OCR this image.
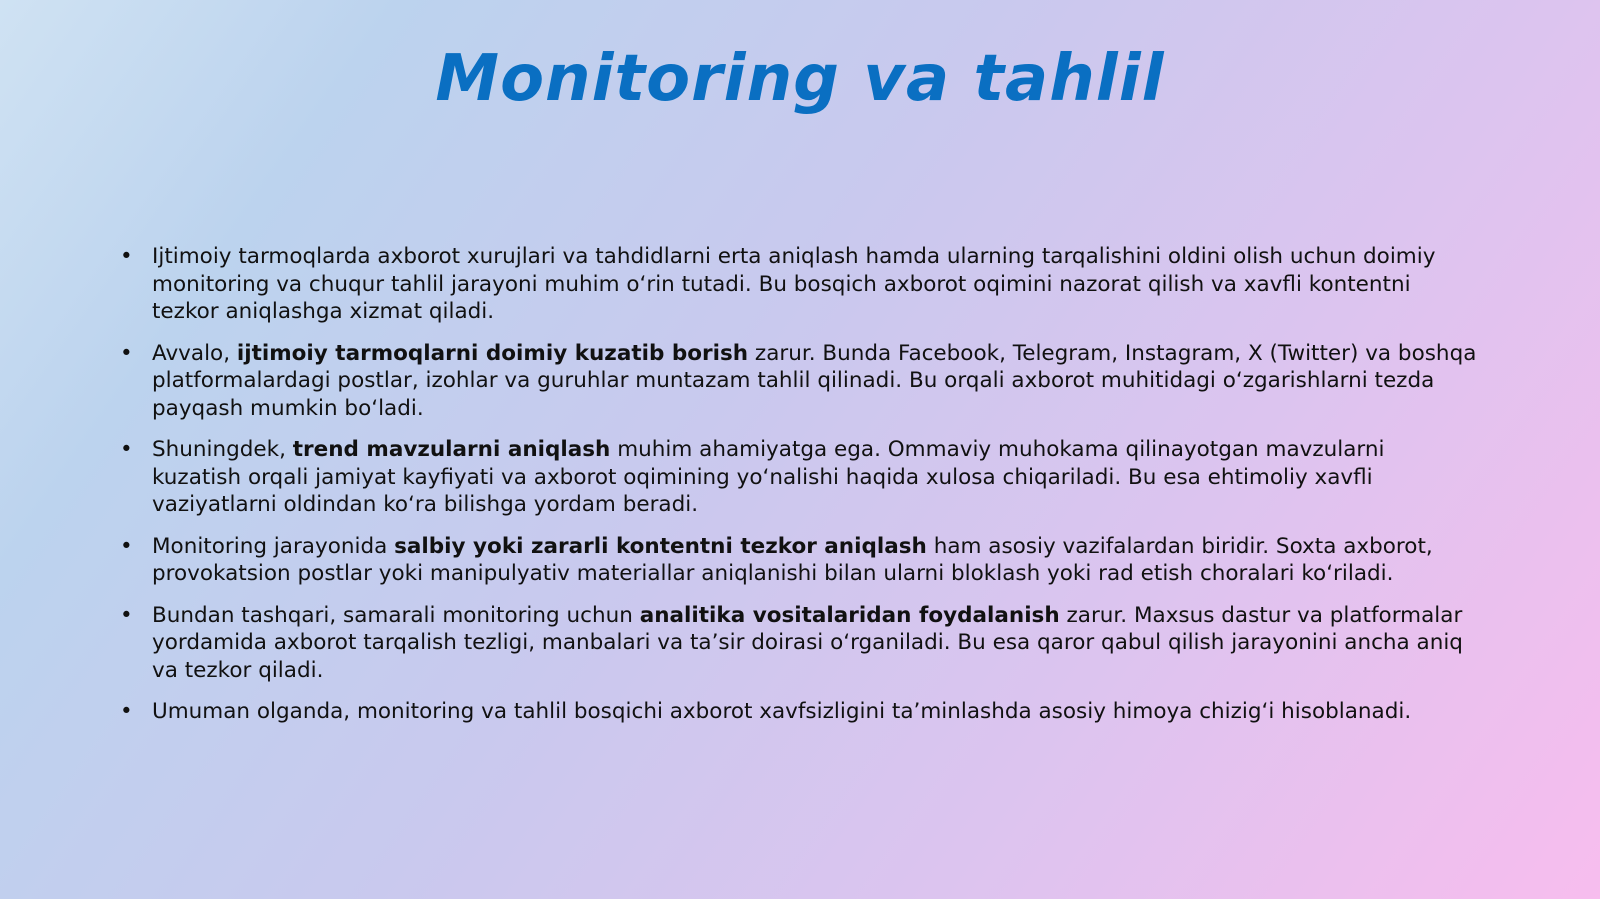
Monitoring va tahlil
• Ijtimoiy tarmoqlarda axborot xurujlari va tahdidlarni erta aniqlash hamda ularning tarqalishini oldini olish uchun doimiy monitoring va chuqur tahlil jarayoni muhim oʻrin tutadi. Bu bosqich axborot oqimini nazorat qilish va xavfli kontentni tezkor aniqlashga xizmat qiladi.
• Avvalo, ijtimoiy tarmoqlarni doimiy kuzatib borish zarur. Bunda Facebook, Telegram, Instagram, X (Twitter) va boshqa platformalardagi postlar, izohlar va guruhlar muntazam tahlil qilinadi. Bu orqali axborot muhitidagi o‘zgarishlarni tezda payqash mumkin bo‘ladi.
• Shuningdek, trend mavzularni aniqlash muhim ahamiyatga ega. Ommaviy muhokama qilinayotgan mavzularni kuzatish orqali jamiyat kayfiyati va axborot oqimining yo‘nalishi haqida xulosa chiqariladi. Bu esa ehtimoliy xavfli vaziyatlarni oldindan ko‘ra bilishga yordam beradi.
• Monitoring jarayonida salbiy yoki zararli kontentni tezkor aniqlash ham asosiy vazifalardan biridir. Soxta axborot, provokatsion postlar yoki manipulyativ materiallar aniqlanishi bilan ularni bloklash yoki rad etish choralari ko‘riladi.
• Bundan tashqari, samarali monitoring uchun analitika vositalaridan foydalanish zarur. Maxsus dastur va platformalar yordamida axborot tarqalish tezligi, manbalari va ta’sir doirasi o‘rganiladi. Bu esa qaror qabul qilish jarayonini ancha aniq va tezkor qiladi.
• Umuman olganda, monitoring va tahlil bosqichi axborot xavfsizligini ta’minlashda asosiy himoya chizig‘i hisoblanadi.
